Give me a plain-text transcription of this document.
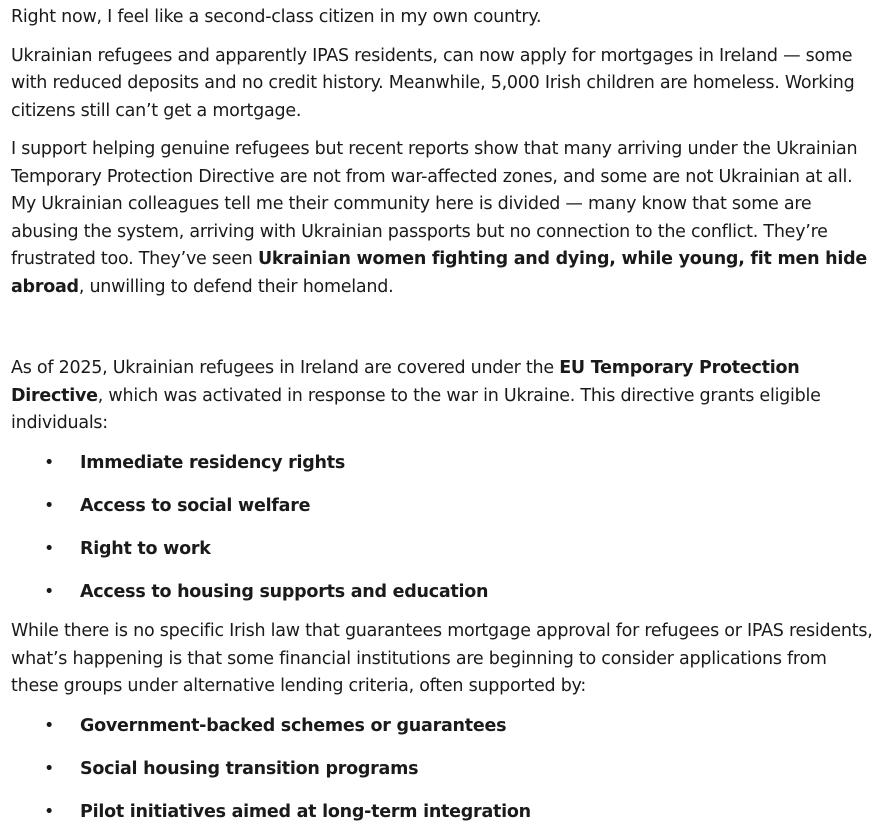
Right now, I feel like a second-class citizen in my own country.

Ukrainian refugees and apparently IPAS residents, can now apply for mortgages in Ireland — some with reduced deposits and no credit history. Meanwhile, 5,000 Irish children are homeless. Working citizens still can’t get a mortgage.

I support helping genuine refugees but recent reports show that many arriving under the Ukrainian Temporary Protection Directive are not from war-affected zones, and some are not Ukrainian at all. My Ukrainian colleagues tell me their community here is divided — many know that some are abusing the system, arriving with Ukrainian passports but no connection to the conflict. They’re frustrated too. They’ve seen Ukrainian women fighting and dying, while young, fit men hide abroad, unwilling to defend their homeland.

As of 2025, Ukrainian refugees in Ireland are covered under the EU Temporary Protection Directive, which was activated in response to the war in Ukraine. This directive grants eligible individuals:

• Immediate residency rights
• Access to social welfare
• Right to work
• Access to housing supports and education

While there is no specific Irish law that guarantees mortgage approval for refugees or IPAS residents, what’s happening is that some financial institutions are beginning to consider applications from these groups under alternative lending criteria, often supported by:

• Government-backed schemes or guarantees
• Social housing transition programs
• Pilot initiatives aimed at long-term integration
